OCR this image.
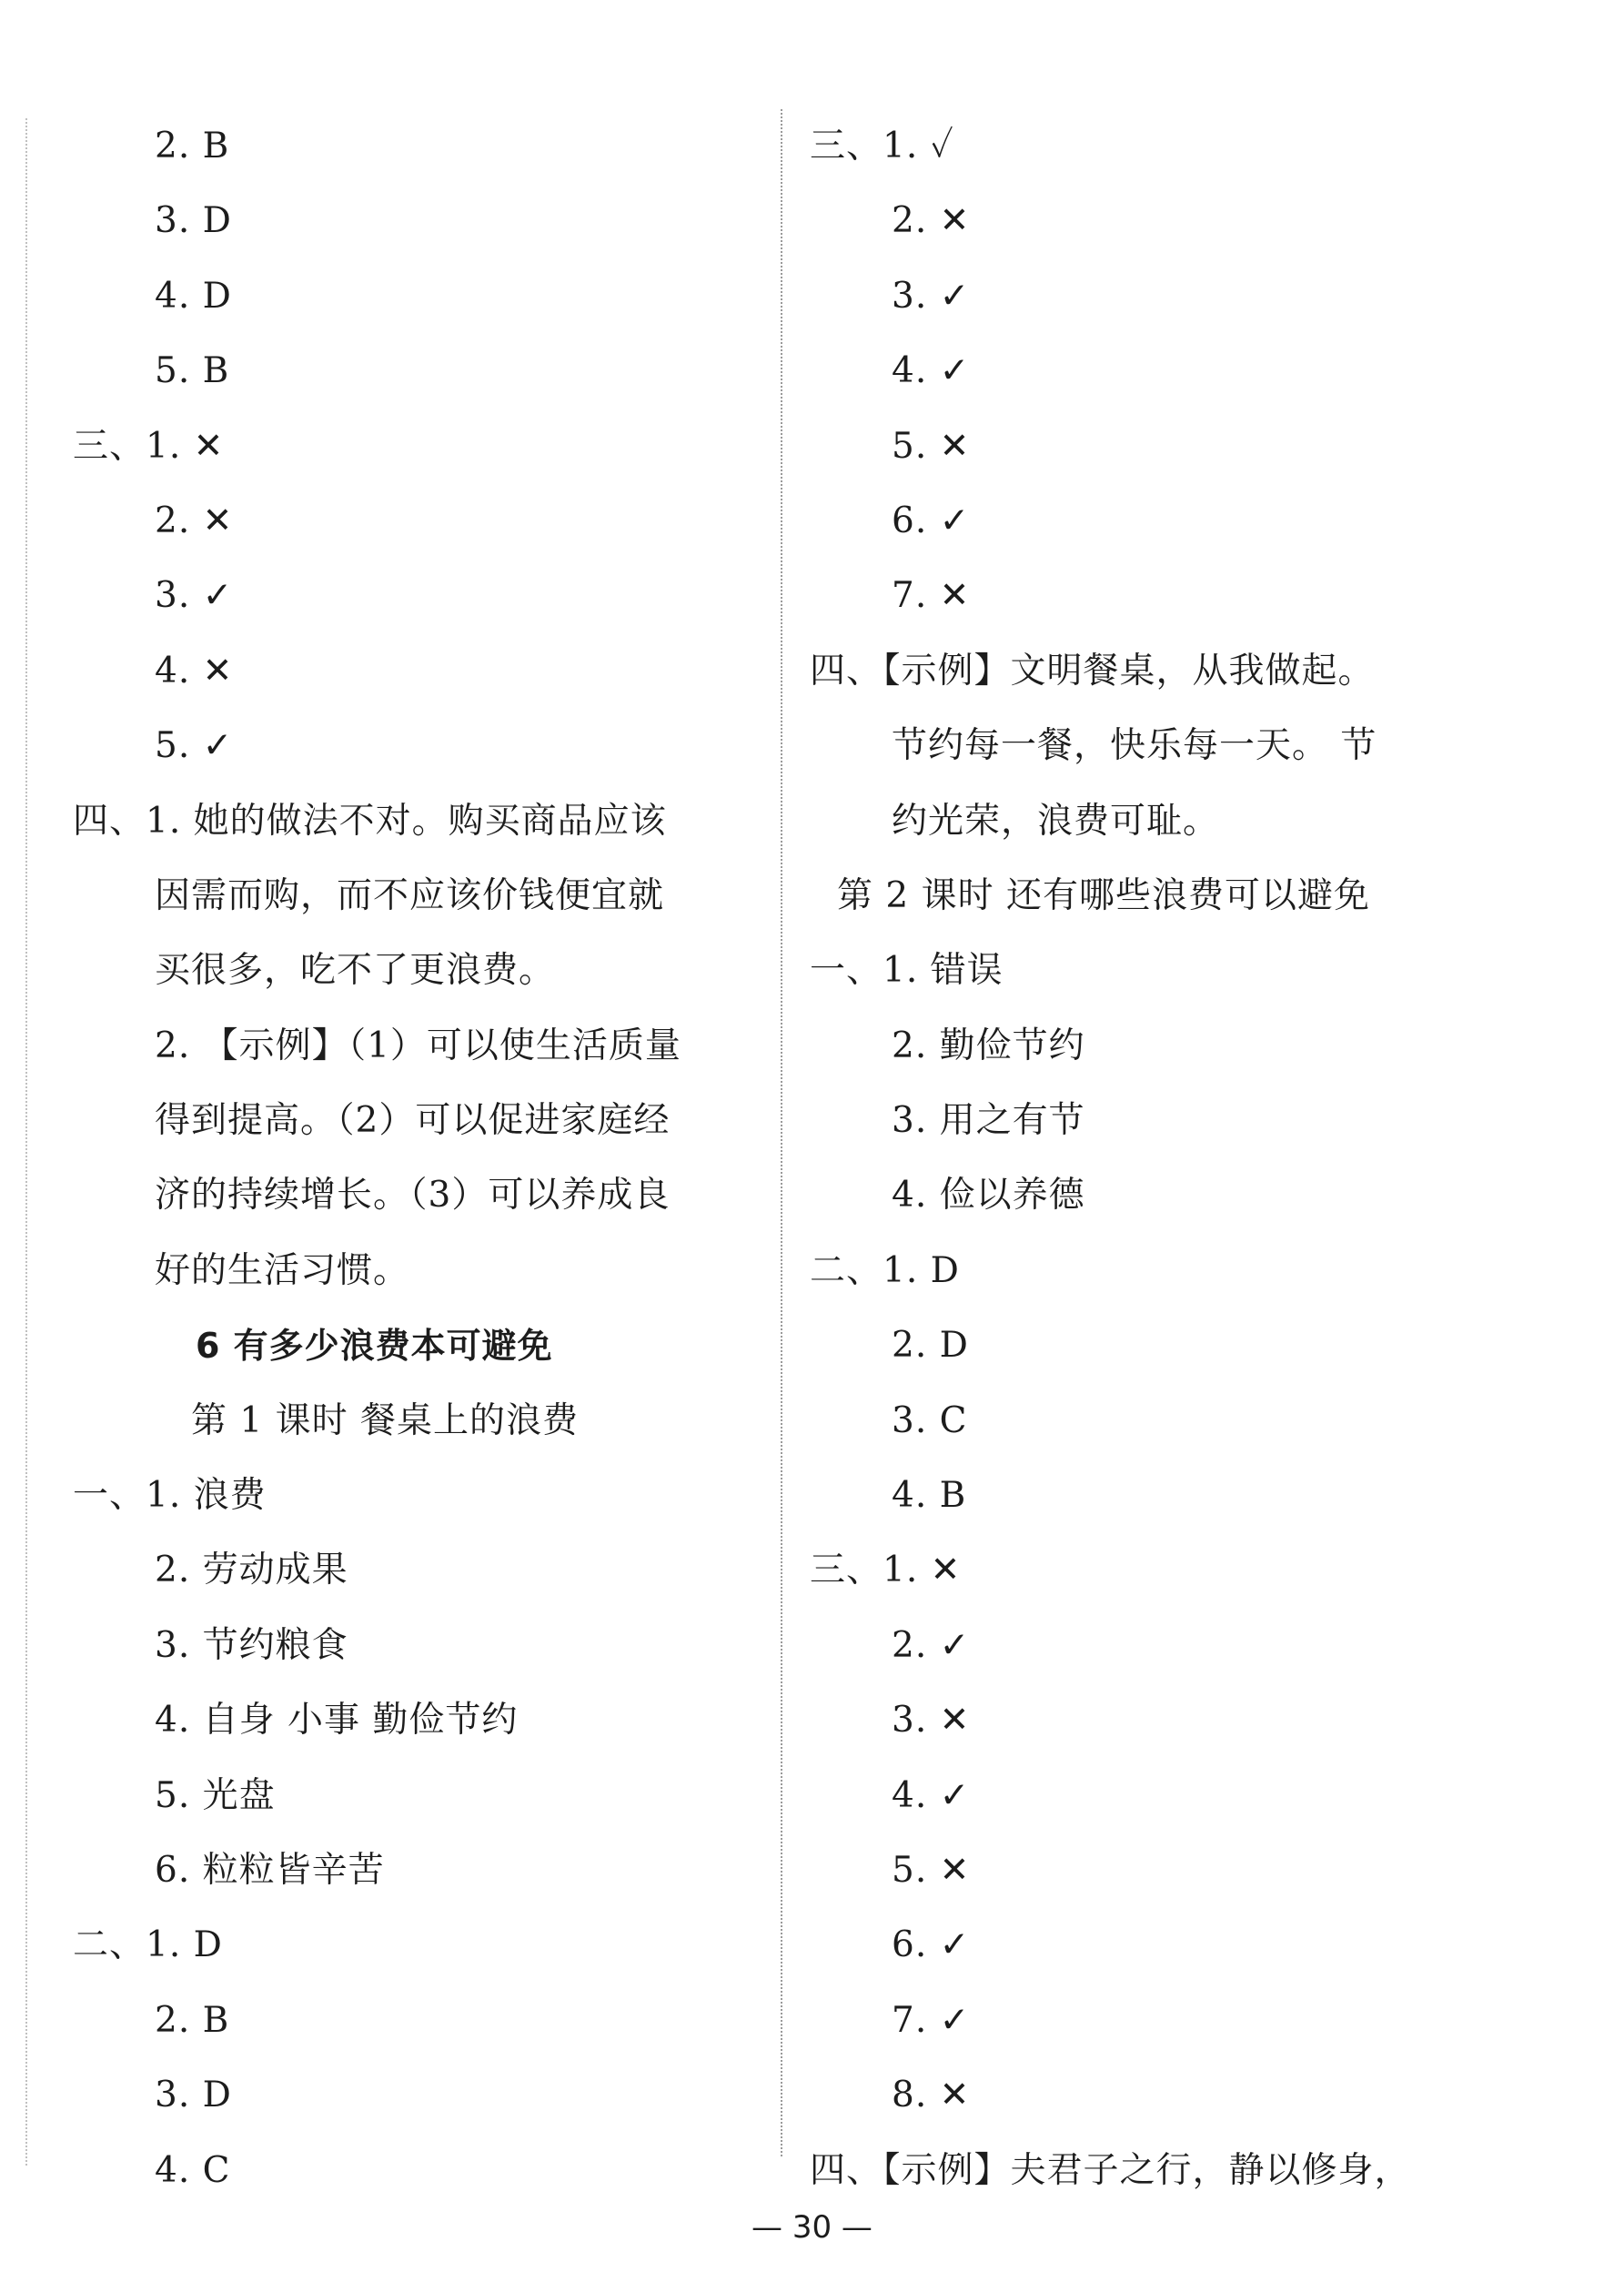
2. B
3. D
4. D
5. B
三、1. ✕
2. ✕
3. ✓
4. ✕
5. ✓
四、1. 她的做法不对。购买商品应该
因需而购，而不应该价钱便宜就
买很多，吃不了更浪费。
2. 【示例】（1）可以使生活质量
得到提高。（2）可以促进家庭经
济的持续增长。（3）可以养成良
好的生活习惯。
6 有多少浪费本可避免
第 1 课时 餐桌上的浪费
一、1. 浪费
2. 劳动成果
3. 节约粮食
4. 自身 小事 勤俭节约
5. 光盘
6. 粒粒皆辛苦
二、1. D
2. B
3. D
4. C
三、1. ✓
2. ✕
3. ✓
4. ✓
5. ✕
6. ✓
7. ✕
四、【示例】文明餐桌，从我做起。
节约每一餐，快乐每一天。 节
约光荣，浪费可耻。
第 2 课时 还有哪些浪费可以避免
一、1. 错误
2. 勤俭节约
3. 用之有节
4. 俭以养德
二、1. D
2. D
3. C
4. B
三、1. ✕
2. ✓
3. ✕
4. ✓
5. ✕
6. ✓
7. ✓
8. ✕
四、【示例】夫君子之行，静以修身，
— 30 —
